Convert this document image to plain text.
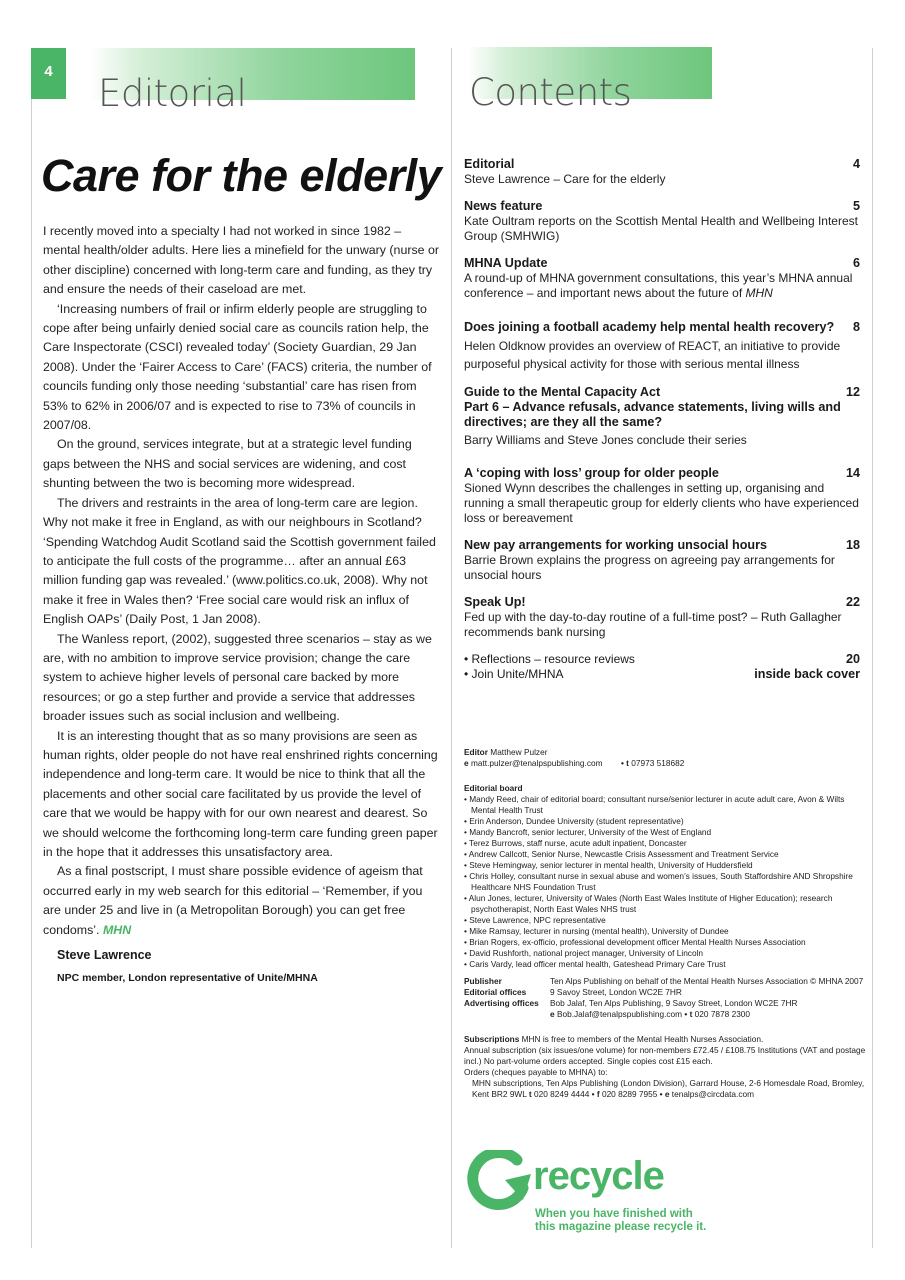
4
Editorial	Contents
Care for the elderly

I recently moved into a specialty I had not worked in since 1982 – mental health/older adults. Here lies a minefield for the unwary (nurse or other discipline) concerned with long-term care and funding, as they try and ensure the needs of their caseload are met.

‘Increasing numbers of frail or infirm elderly people are struggling to cope after being unfairly denied social care as councils ration help, the Care Inspectorate (CSCI) revealed today’ (Society Guardian, 29 Jan 2008). Under the ‘Fairer Access to Care’ (FACS) criteria, the number of councils funding only those needing ‘substantial’ care has risen from 53% to 62% in 2006/07 and is expected to rise to 73% of councils in 2007/08.

On the ground, services integrate, but at a strategic level funding gaps between the NHS and social services are widening, and cost shunting between the two is becoming more widespread.

The drivers and restraints in the area of long-term care are legion. Why not make it free in England, as with our neighbours in Scotland? ‘Spending Watchdog Audit Scotland said the Scottish government failed to anticipate the full costs of the programme… after an annual £63 million funding gap was revealed.’ (www.politics.co.uk, 2008). Why not make it free in Wales then? ‘Free social care would risk an influx of English OAPs’ (Daily Post, 1 Jan 2008).

The Wanless report, (2002), suggested three scenarios – stay as we are, with no ambition to improve service provision; change the care system to achieve higher levels of personal care backed by more resources; or go a step further and provide a service that addresses broader issues such as social inclusion and wellbeing.

It is an interesting thought that as so many provisions are seen as human rights, older people do not have real enshrined rights concerning independence and long-term care. It would be nice to think that all the placements and other social care facilitated by us provide the level of care that we would be happy with for our own nearest and dearest. So we should welcome the forthcoming long-term care funding green paper in the hope that it addresses this unsatisfactory area.

As a final postscript, I must share possible evidence of ageism that occurred early in my web search for this editorial – ‘Remember, if you are under 25 and live in (a Metropolitan Borough) you can get free condoms’. MHN

Steve Lawrence
NPC member, London representative of Unite/MHNA
Editorial	4
Steve Lawrence – Care for the elderly
News feature	5
Kate Oultram reports on the Scottish Mental Health and Wellbeing Interest Group (SMHWIG)
MHNA Update	6
A round-up of MHNA government consultations, this year’s MHNA annual conference – and important news about the future of MHN
Does joining a football academy help mental health recovery? 8
Helen Oldknow provides an overview of REACT, an initiative to provide purposeful physical activity for those with serious mental illness
Guide to the Mental Capacity Act	12
Part 6 – Advance refusals, advance statements, living wills and directives; are they all the same?
Barry Williams and Steve Jones conclude their series
A ‘coping with loss’ group for older people	14
Sioned Wynn describes the challenges in setting up, organising and running a small therapeutic group for elderly clients who have experienced loss or bereavement
New pay arrangements for working unsocial hours	18
Barrie Brown explains the progress on agreeing pay arrangements for unsocial hours
Speak Up!	22
Fed up with the day-to-day routine of a full-time post? – Ruth Gallagher recommends bank nursing
• Reflections – resource reviews	20
• Join Unite/MHNA	inside back cover
Editor Matthew Pulzer
e matt.pulzer@tenalpspublishing.com • t 07973 518682
Editorial board
• Mandy Reed, chair of editorial board; consultant nurse/senior lecturer in acute adult care, Avon & Wilts Mental Health Trust
• Erin Anderson, Dundee University (student representative)
• Mandy Bancroft, senior lecturer, University of the West of England
• Terez Burrows, staff nurse, acute adult inpatient, Doncaster
• Andrew Callcott, Senior Nurse, Newcastle Crisis Assessment and Treatment Service
• Steve Hemingway, senior lecturer in mental health, University of Huddersfield
• Chris Holley, consultant nurse in sexual abuse and women’s issues, South Staffordshire AND Shropshire Healthcare NHS Foundation Trust
• Alun Jones, lecturer, University of Wales (North East Wales Institute of Higher Education); research psychotherapist, North East Wales NHS trust
• Steve Lawrence, NPC representative
• Mike Ramsay, lecturer in nursing (mental health), University of Dundee
• Brian Rogers, ex-officio, professional development officer Mental Health Nurses Association
• David Rushforth, national project manager, University of Lincoln
• Caris Vardy, lead officer mental health, Gateshead Primary Care Trust
Publisher	Ten Alps Publishing on behalf of the Mental Health Nurses Association © MHNA 2007
Editorial offices	9 Savoy Street, London WC2E 7HR
Advertising offices	Bob Jalaf, Ten Alps Publishing, 9 Savoy Street, London WC2E 7HR
e Bob.Jalaf@tenalpspublishing.com • t 020 7878 2300
Subscriptions MHN is free to members of the Mental Health Nurses Association.
Annual subscription (six issues/one volume) for non-members £72.45 / £108.75 Institutions (VAT and postage incl.) No part-volume orders accepted. Single copies cost £15 each.
Orders (cheques payable to MHNA) to:
MHN subscriptions, Ten Alps Publishing (London Division), Garrard House, 2-6 Homesdale Road, Bromley, Kent BR2 9WL t 020 8249 4444 • f 020 8289 7955 • e tenalps@circdata.com
recycle
When you have finished with
this magazine please recycle it.
